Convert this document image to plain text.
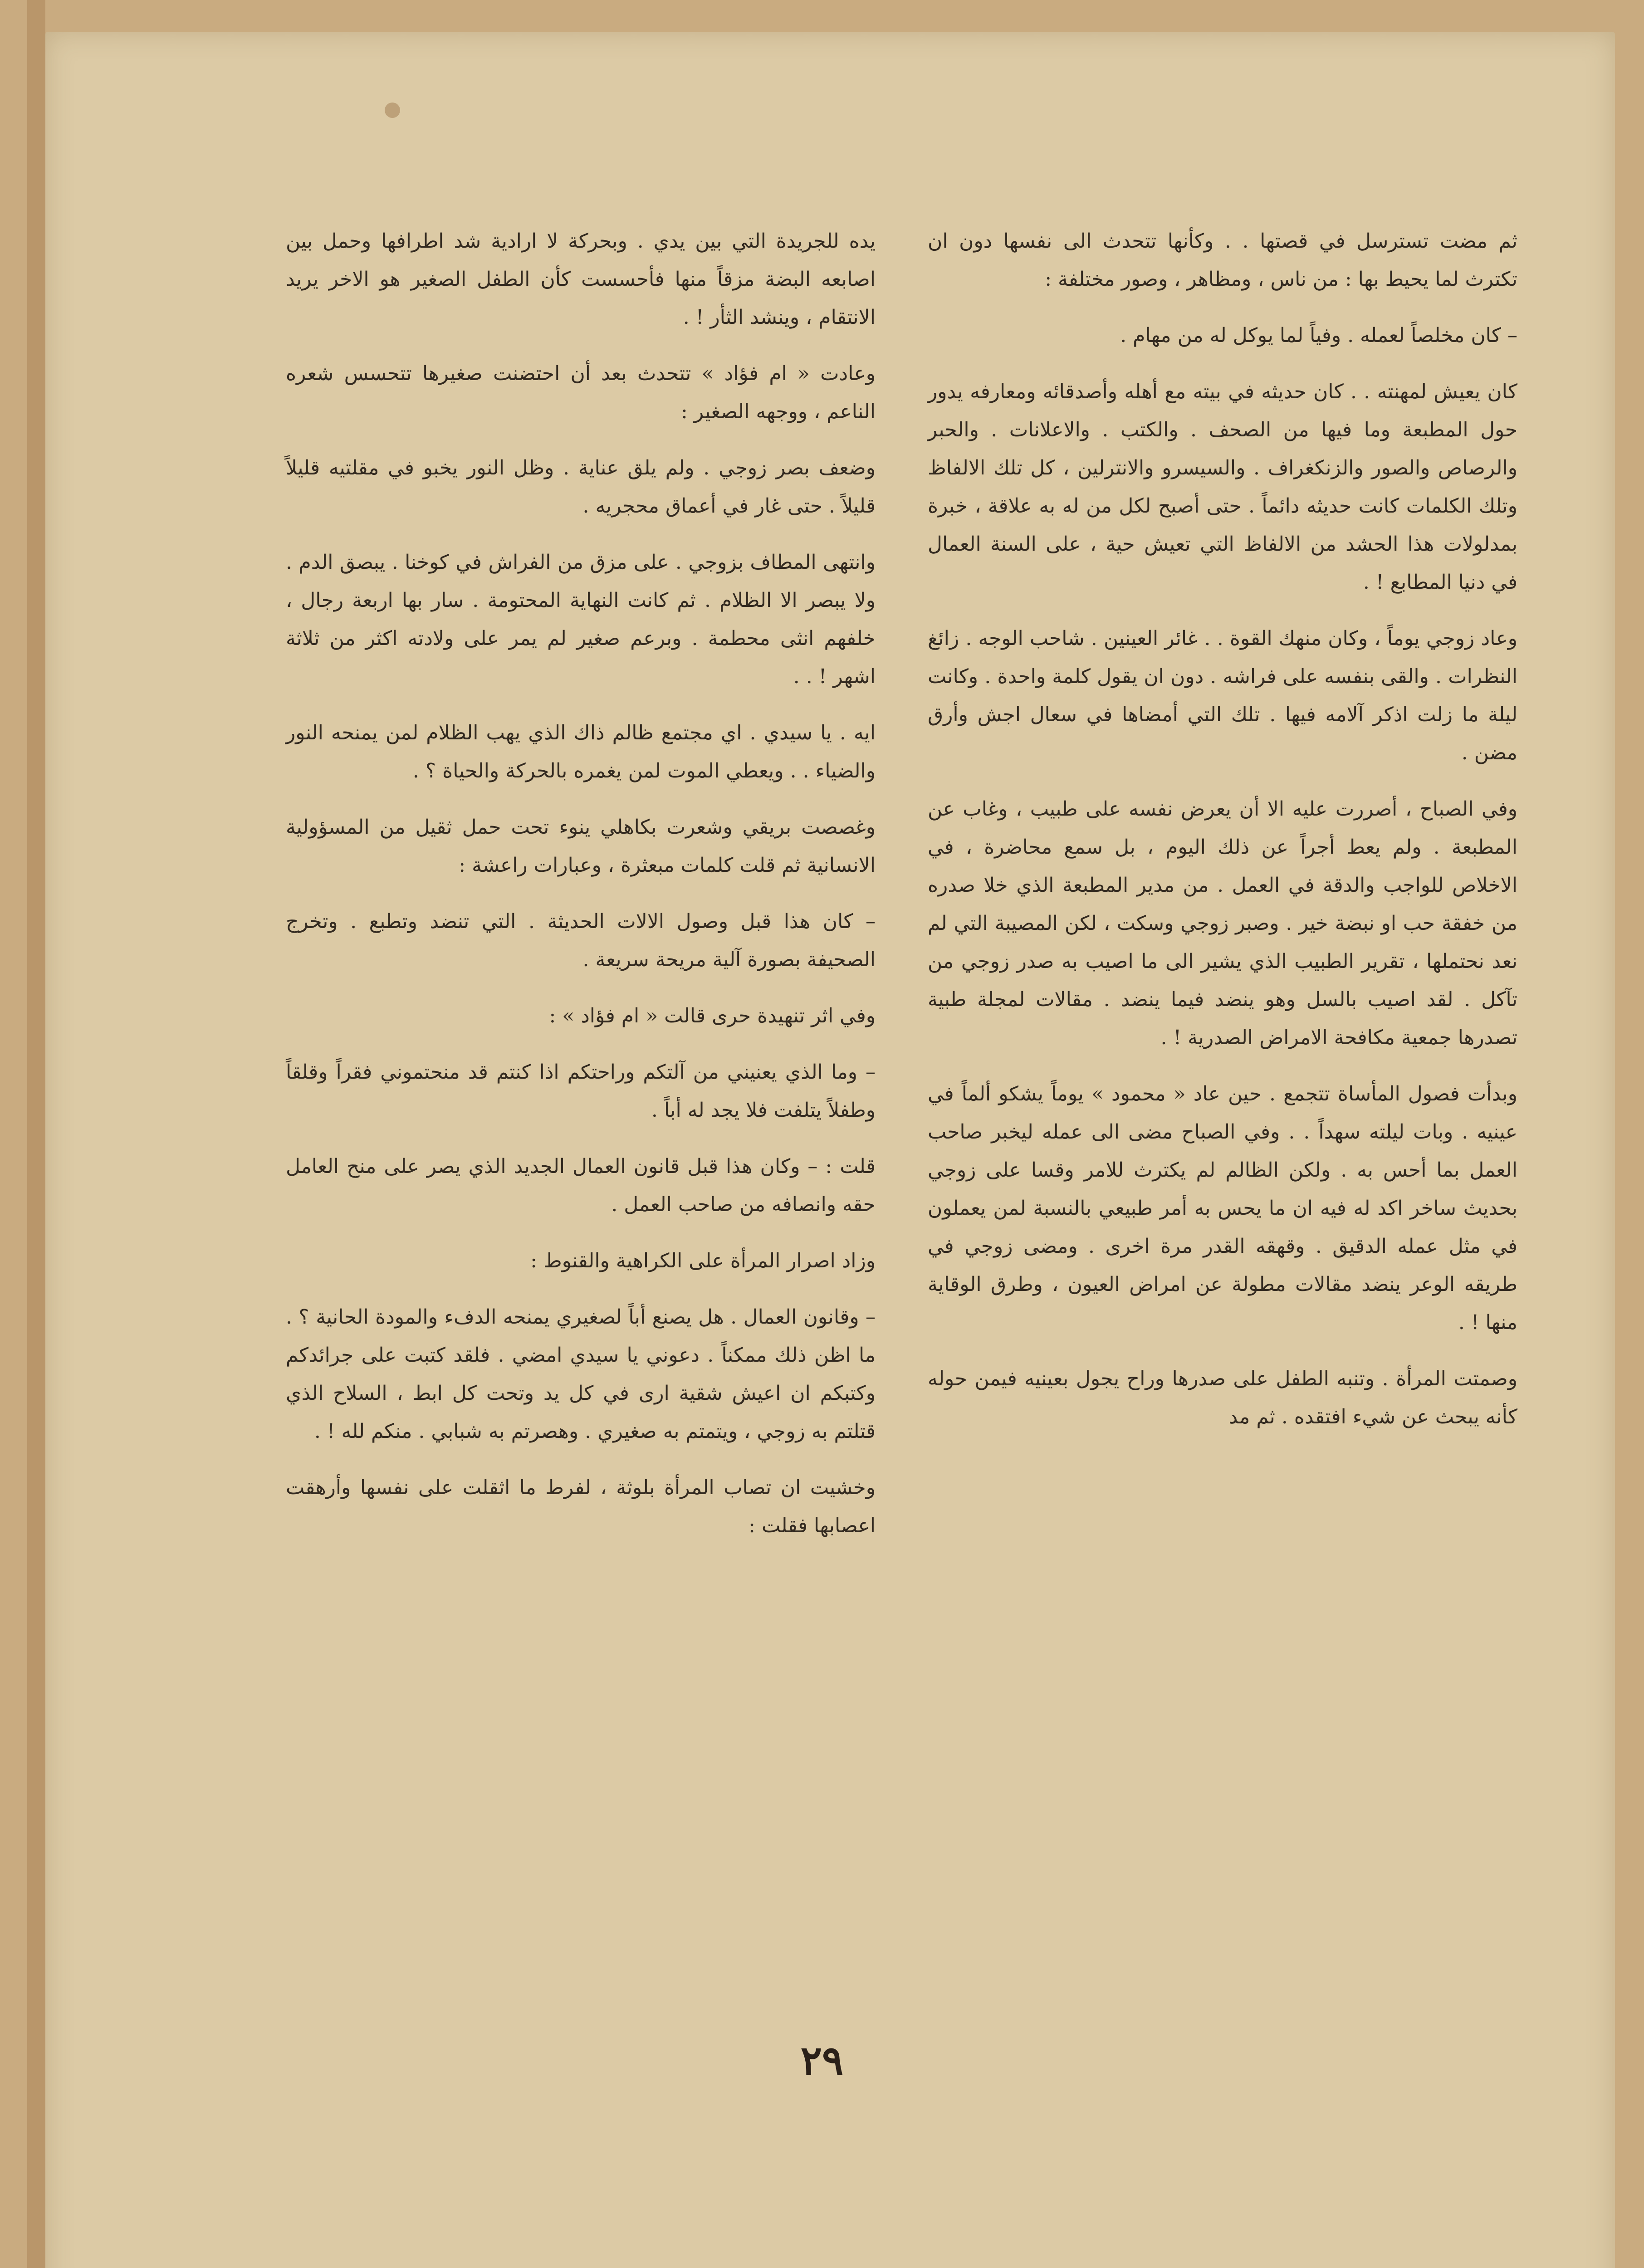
ثم مضت تسترسل في قصتها . . وكأنها تتحدث الى نفسها دون ان تكترث لما يحيط بها : من ناس ، ومظاهر ، وصور مختلفة :

– كان مخلصاً لعمله . وفياً لما يوكل له من مهام .

كان يعيش لمهنته . . كان حديثه في بيته مع أهله وأصدقائه ومعارفه يدور حول المطبعة وما فيها من الصحف . والكتب . والاعلانات . والحبر والرصاص والصور والزنكغراف . والسيسرو والانترلين ، كل تلك الالفاظ وتلك الكلمات كانت حديثه دائماً . حتى أصبح لكل من له به علاقة ، خبرة بمدلولات هذا الحشد من الالفاظ التي تعيش حية ، على السنة العمال في دنيا المطابع ! .

وعاد زوجي يوماً ، وكان منهك القوة . . غائر العينين . شاحب الوجه . زائغ النظرات . والقى بنفسه على فراشه . دون ان يقول كلمة واحدة . وكانت ليلة ما زلت اذكر آلامه فيها . تلك التي أمضاها في سعال اجش وأرق مضن .

وفي الصباح ، أصررت عليه الا أن يعرض نفسه على طبيب ، وغاب عن المطبعة . ولم يعط أجراً عن ذلك اليوم ، بل سمع محاضرة ، في الاخلاص للواجب والدقة في العمل . من مدير المطبعة الذي خلا صدره من خفقة حب او نبضة خير . وصبر زوجي وسكت ، لكن المصيبة التي لم نعد نحتملها ، تقرير الطبيب الذي يشير الى ما اصيب به صدر زوجي من تآكل . لقد اصيب بالسل وهو ينضد فيما ينضد . مقالات لمجلة طبية تصدرها جمعية مكافحة الامراض الصدرية ! .

وبدأت فصول المأساة تتجمع . حين عاد « محمود » يوماً يشكو ألماً في عينيه . وبات ليلته سهداً . . وفي الصباح مضى الى عمله ليخبر صاحب العمل بما أحس به . ولكن الظالم لم يكترث للامر وقسا على زوجي بحديث ساخر اكد له فيه ان ما يحس به أمر طبيعي بالنسبة لمن يعملون في مثل عمله الدقيق . وقهقه القدر مرة اخرى . ومضى زوجي في طريقه الوعر ينضد مقالات مطولة عن امراض العيون ، وطرق الوقاية منها ! .

وصمتت المرأة . وتنبه الطفل على صدرها وراح يجول بعينيه فيمن حوله كأنه يبحث عن شيء افتقده . ثم مد

يده للجريدة التي بين يدي . وبحركة لا ارادية شد اطرافها وحمل بين اصابعه البضة مزقاً منها فأحسست كأن الطفل الصغير هو الاخر يريد الانتقام ، وينشد الثأر ! .

وعادت « ام فؤاد » تتحدث بعد أن احتضنت صغيرها تتحسس شعره الناعم ، ووجهه الصغير :

وضعف بصر زوجي . ولم يلق عناية . وظل النور يخبو في مقلتيه قليلاً قليلاً . حتى غار في أعماق محجريه .

وانتهى المطاف بزوجي . على مزق من الفراش في كوخنا . يبصق الدم . ولا يبصر الا الظلام . ثم كانت النهاية المحتومة . سار بها اربعة رجال ، خلفهم انثى محطمة . وبرعم صغير لم يمر على ولادته اكثر من ثلاثة اشهر ! . .

ايه . يا سيدي . اي مجتمع ظالم ذاك الذي يهب الظلام لمن يمنحه النور والضياء . . ويعطي الموت لمن يغمره بالحركة والحياة ؟ .

وغصصت بريقي وشعرت بكاهلي ينوء تحت حمل ثقيل من المسؤولية الانسانية ثم قلت كلمات مبعثرة ، وعبارات راعشة :

– كان هذا قبل وصول الالات الحديثة . التي تنضد وتطبع . وتخرج الصحيفة بصورة آلية مريحة سريعة .

وفي اثر تنهيدة حرى قالت « ام فؤاد » :

– وما الذي يعنيني من آلتكم وراحتكم اذا كنتم قد منحتموني فقراً وقلقاً وطفلاً يتلفت فلا يجد له أباً .

قلت : – وكان هذا قبل قانون العمال الجديد الذي يصر على منح العامل حقه وانصافه من صاحب العمل .

وزاد اصرار المرأة على الكراهية والقنوط :

– وقانون العمال . هل يصنع أباً لصغيري يمنحه الدفء والمودة الحانية ؟ . ما اظن ذلك ممكناً . دعوني يا سيدي امضي . فلقد كتبت على جرائدكم وكتبكم ان اعيش شقية ارى في كل يد وتحت كل ابط ، السلاح الذي قتلتم به زوجي ، ويتمتم به صغيري . وهصرتم به شبابي . منكم لله ! .

وخشيت ان تصاب المرأة بلوثة ، لفرط ما اثقلت على نفسها وأرهقت اعصابها فقلت :

٢٩
